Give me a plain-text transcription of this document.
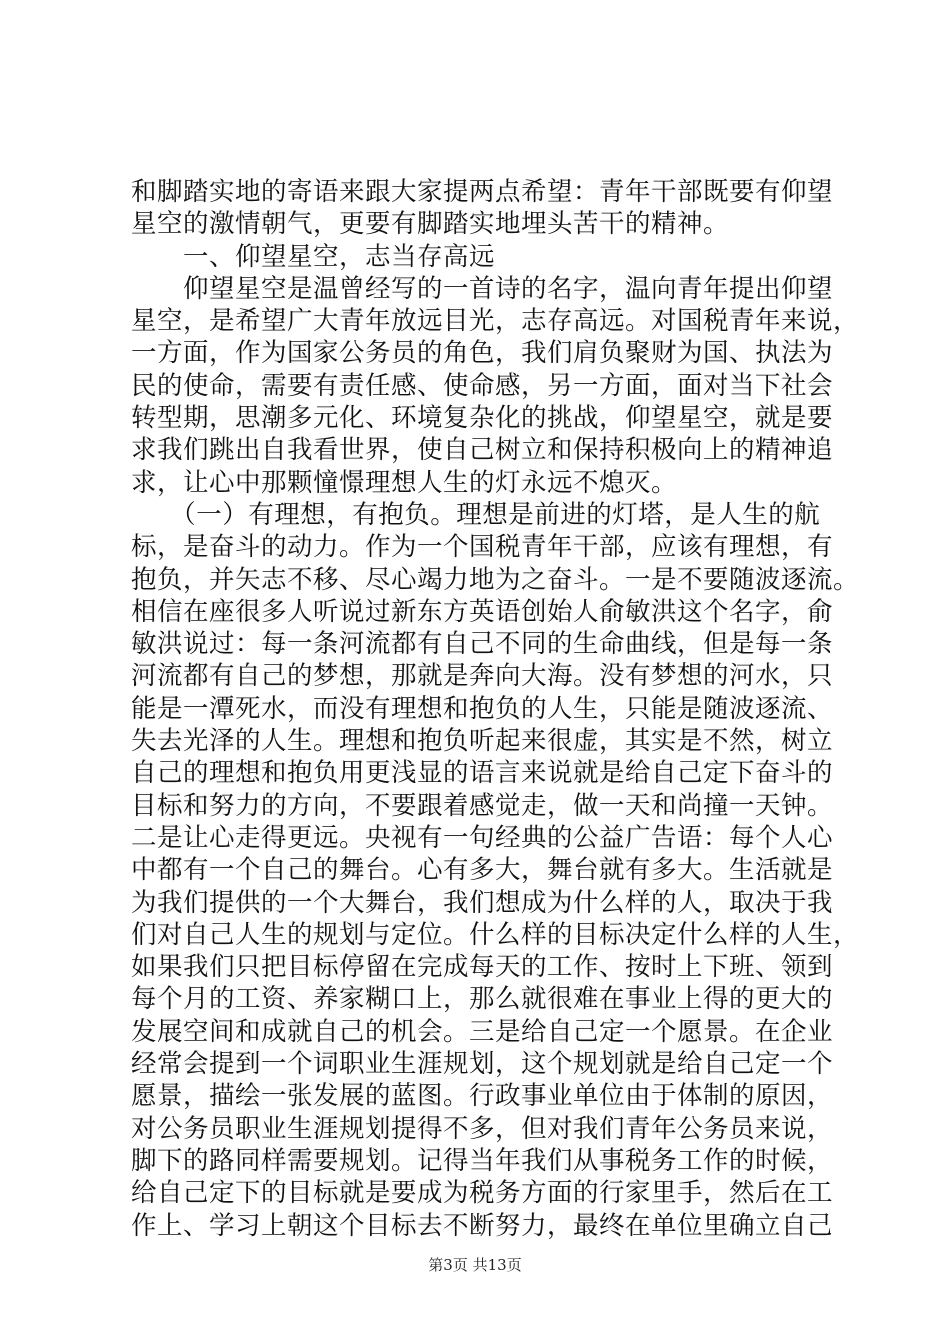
和脚踏实地的寄语来跟大家提两点希望：青年干部既要有仰望
星空的激情朝气，更要有脚踏实地埋头苦干的精神。
　　一、仰望星空，志当存高远
　　仰望星空是温曾经写的一首诗的名字，温向青年提出仰望
星空，是希望广大青年放远目光，志存高远。对国税青年来说，
一方面，作为国家公务员的角色，我们肩负聚财为国、执法为
民的使命，需要有责任感、使命感，另一方面，面对当下社会
转型期，思潮多元化、环境复杂化的挑战，仰望星空，就是要
求我们跳出自我看世界，使自己树立和保持积极向上的精神追
求，让心中那颗憧憬理想人生的灯永远不熄灭。
　　（一）有理想，有抱负。理想是前进的灯塔，是人生的航
标，是奋斗的动力。作为一个国税青年干部，应该有理想，有
抱负，并矢志不移、尽心竭力地为之奋斗。一是不要随波逐流。
相信在座很多人听说过新东方英语创始人俞敏洪这个名字，俞
敏洪说过：每一条河流都有自己不同的生命曲线，但是每一条
河流都有自己的梦想，那就是奔向大海。没有梦想的河水，只
能是一潭死水，而没有理想和抱负的人生，只能是随波逐流、
失去光泽的人生。理想和抱负听起来很虚，其实是不然，树立
自己的理想和抱负用更浅显的语言来说就是给自己定下奋斗的
目标和努力的方向，不要跟着感觉走，做一天和尚撞一天钟。
二是让心走得更远。央视有一句经典的公益广告语：每个人心
中都有一个自己的舞台。心有多大，舞台就有多大。生活就是
为我们提供的一个大舞台，我们想成为什么样的人，取决于我
们对自己人生的规划与定位。什么样的目标决定什么样的人生，
如果我们只把目标停留在完成每天的工作、按时上下班、领到
每个月的工资、养家糊口上，那么就很难在事业上得的更大的
发展空间和成就自己的机会。三是给自己定一个愿景。在企业
经常会提到一个词职业生涯规划，这个规划就是给自己定一个
愿景，描绘一张发展的蓝图。行政事业单位由于体制的原因，
对公务员职业生涯规划提得不多，但对我们青年公务员来说，
脚下的路同样需要规划。记得当年我们从事税务工作的时候，
给自己定下的目标就是要成为税务方面的行家里手，然后在工
作上、学习上朝这个目标去不断努力，最终在单位里确立自己
第3页 共13页
